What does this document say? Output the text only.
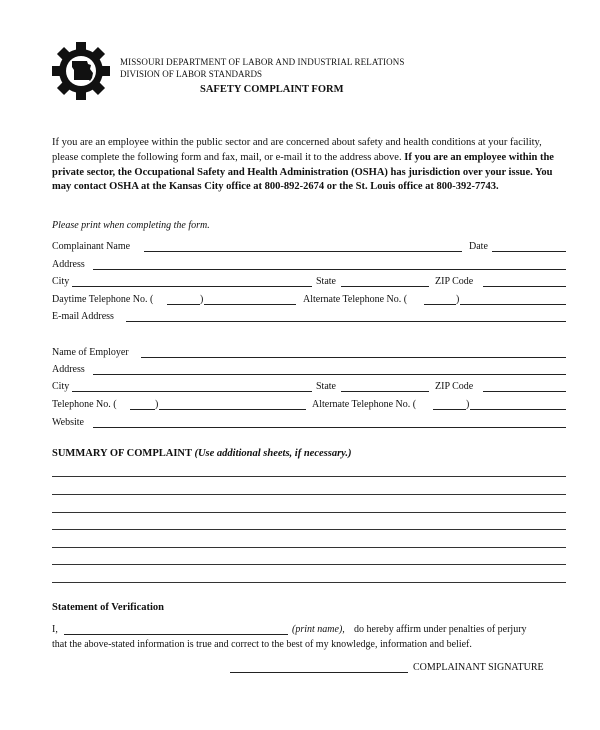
MISSOURI DEPARTMENT OF LABOR AND INDUSTRIAL RELATIONS
DIVISION OF LABOR STANDARDS
SAFETY COMPLAINT FORM
If you are an employee within the public sector and are concerned about safety and health conditions at your facility, please complete the following form and fax, mail, or e-mail it to the address above. If you are an employee within the private sector, the Occupational Safety and Health Administration (OSHA) has jurisdiction over your issue. You may contact OSHA at the Kansas City office at 800-892-2674 or the St. Louis office at 800-392-7743.
Please print when completing the form.
Complainant Name	Date
Address
City	State	ZIP Code
Daytime Telephone No. (	)	Alternate Telephone No. (	)
E-mail Address
Name of Employer
Address
City	State	ZIP Code
Telephone No. (	)	Alternate Telephone No. (	)
Website
SUMMARY OF COMPLAINT (Use additional sheets, if necessary.)
Statement of Verification
I,	(print name), do hereby affirm under penalties of perjury
that the above-stated information is true and correct to the best of my knowledge, information and belief.
COMPLAINANT SIGNATURE
